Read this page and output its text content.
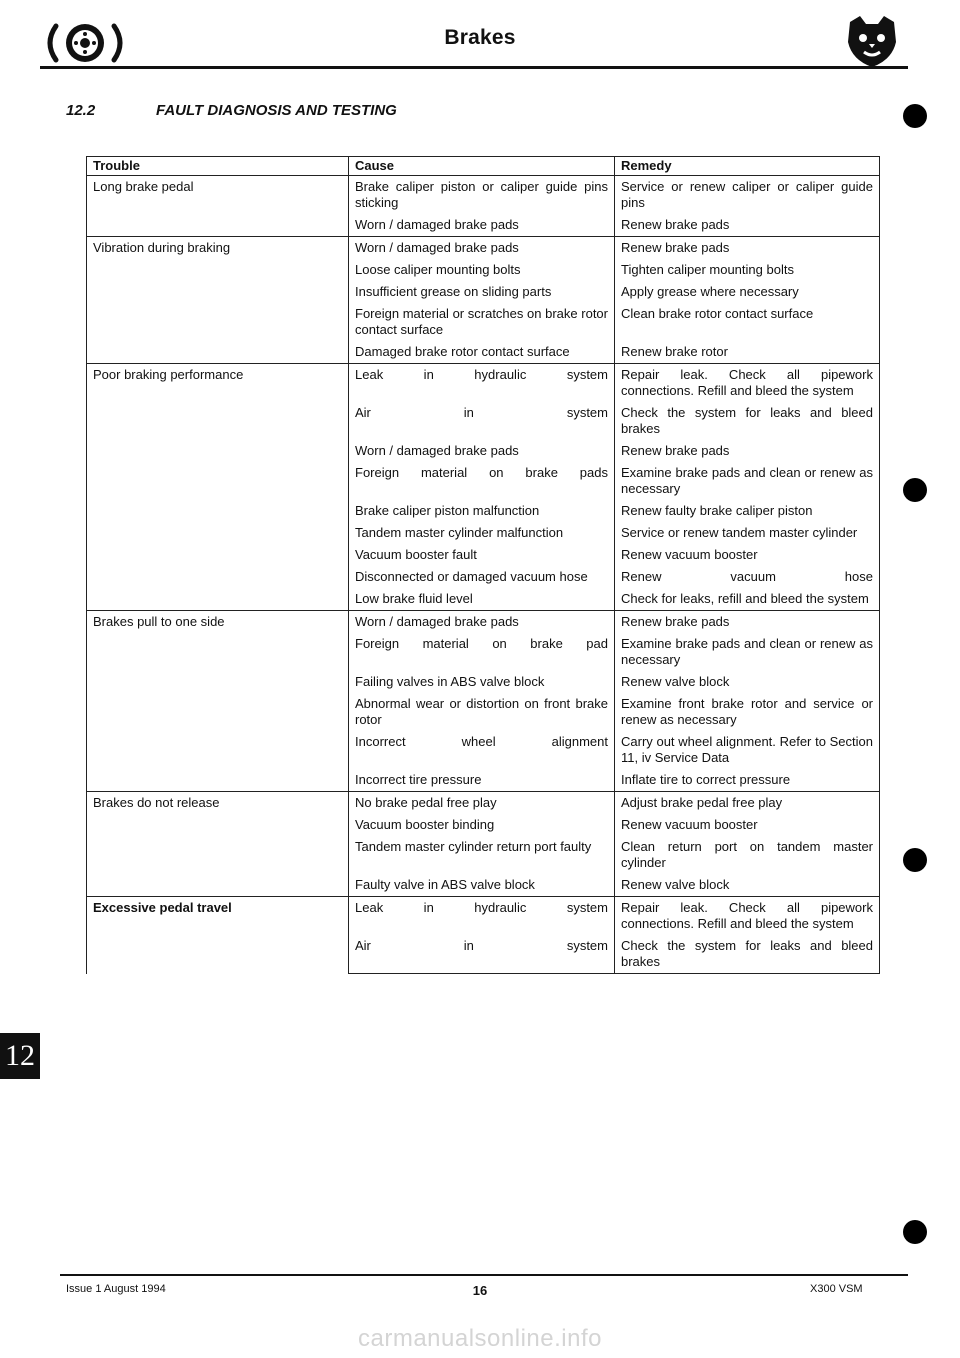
Brakes
12.2	FAULT DIAGNOSIS AND TESTING
Trouble	Cause	Remedy
Long brake pedal	Brake caliper piston or caliper guide pins sticking	Service or renew caliper or caliper guide pins
	Worn / damaged brake pads	Renew brake pads
Vibration during braking	Worn / damaged brake pads	Renew brake pads
	Loose caliper mounting bolts	Tighten caliper mounting bolts
	Insufficient grease on sliding parts	Apply grease where necessary
	Foreign material or scratches on brake rotor contact surface	Clean brake rotor contact surface
	Damaged brake rotor contact surface	Renew brake rotor
Poor braking performance	Leak in hydraulic system	Repair leak. Check all pipework connections. Refill and bleed the system
	Air in system	Check the system for leaks and bleed brakes
	Worn / damaged brake pads	Renew brake pads
	Foreign material on brake pads	Examine brake pads and clean or renew as necessary
	Brake caliper piston malfunction	Renew faulty brake caliper piston
	Tandem master cylinder malfunction	Service or renew tandem master cylinder
	Vacuum booster fault	Renew vacuum booster
	Disconnected or damaged vacuum hose	Renew vacuum hose
	Low brake fluid level	Check for leaks, refill and bleed the system
Brakes pull to one side	Worn / damaged brake pads	Renew brake pads
	Foreign material on brake pad	Examine brake pads and clean or renew as necessary
	Failing valves in ABS valve block	Renew valve block
	Abnormal wear or distortion on front brake rotor	Examine front brake rotor and service or renew as necessary
	Incorrect wheel alignment	Carry out wheel alignment. Refer to Section 11, iv Service Data
	Incorrect tire pressure	Inflate tire to correct pressure
Brakes do not release	No brake pedal free play	Adjust brake pedal free play
	Vacuum booster binding	Renew vacuum booster
	Tandem master cylinder return port faulty	Clean return port on tandem master cylinder
	Faulty valve in ABS valve block	Renew valve block
Excessive pedal travel	Leak in hydraulic system	Repair leak. Check all pipework connections. Refill and bleed the system
	Air in system	Check the system for leaks and bleed brakes
12
Issue 1 August 1994	16	X300 VSM
carmanualsonline.info
